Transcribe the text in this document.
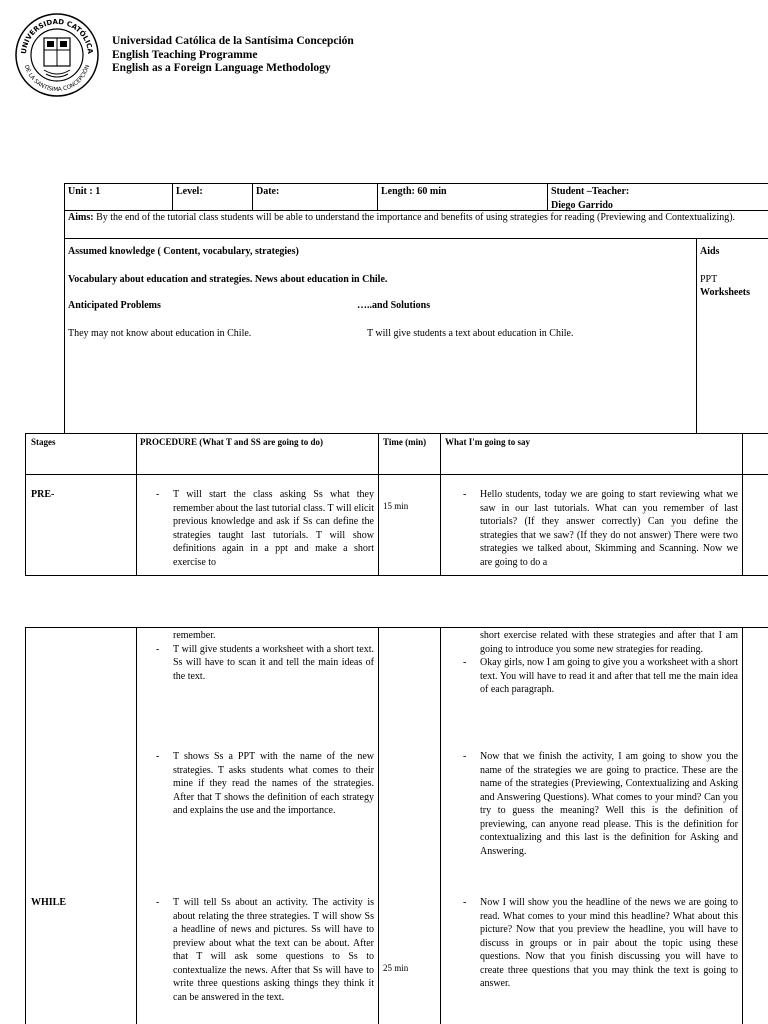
UNIVERSIDAD CATÓLICA
DE LA SANTÍSIMA CONCEPCIÓN
Universidad Católica de la Santísima Concepción
English Teaching Programme
English as a Foreign Language Methodology
Unit : 1	Level:	Date:	Length: 60 min	Student –Teacher:
Diego Garrido
Aims: By the end of the tutorial class students will be able to understand the importance and benefits of using strategies for reading (Previewing and Contextualizing).
Assumed knowledge ( Content, vocabulary, strategies)
Vocabulary about education and strategies. News about education in Chile.
Anticipated Problems	…..and Solutions
They may not know about education in Chile.	T will give students a text about education in Chile.
Aids
PPT
Worksheets
Stages	PROCEDURE (What T and SS are going to do)	Time (min)	What I'm going to say
PRE-
-	T will start the class asking Ss what they remember about the last tutorial class. T will elicit previous knowledge and ask if Ss can define the strategies taught last tutorials. T will show definitions again in a ppt and make a short exercise to
15 min
- Hello students, today we are going to start reviewing what we saw in our last tutorials. What can you remember of last tutorials? (If they answer correctly) Can you define the strategies that we saw? (If they do not answer) There were two strategies we talked about, Skimming and Scanning. Now we are going to do a
WHILE
remember.
- T will give students a worksheet with a short text. Ss will have to scan it and tell the main ideas of the text.
- T shows Ss a PPT with the name of the new strategies. T asks students what comes to their mine if they read the names of the strategies. After that T shows the definition of each strategy and explains the use and the importance.
- T will tell Ss about an activity. The activity is about relating the three strategies. T will show Ss a headline of news and pictures. Ss will have to preview about what the text can be about. After that T will ask some questions to Ss to contextualize the news. After that Ss will have to write three questions asking things they think it can be answered in the text.
25 min
short exercise related with these strategies and after that I am going to introduce you some new strategies for reading.
- Okay girls, now I am going to give you a worksheet with a short text. You will have to read it and after that tell me the main idea of each paragraph.
- Now that we finish the activity, I am going to show you the name of the strategies we are going to practice. These are the name of the strategies (Previewing, Contextualizing and Asking and Answering Questions). What comes to your mind? Can you try to guess the meaning? Well this is the definition of previewing, can anyone read please. This is the definition for contextualizing and this last is the definition for Asking and Answering.
- Now I will show you the headline of the news we are going to read. What comes to your mind this headline? What about this picture? Now that you preview the headline, you will have to discuss in groups or in pair about the topic using these questions. Now that you finish discussing you will have to create three questions that you may think the text is going to answer.
